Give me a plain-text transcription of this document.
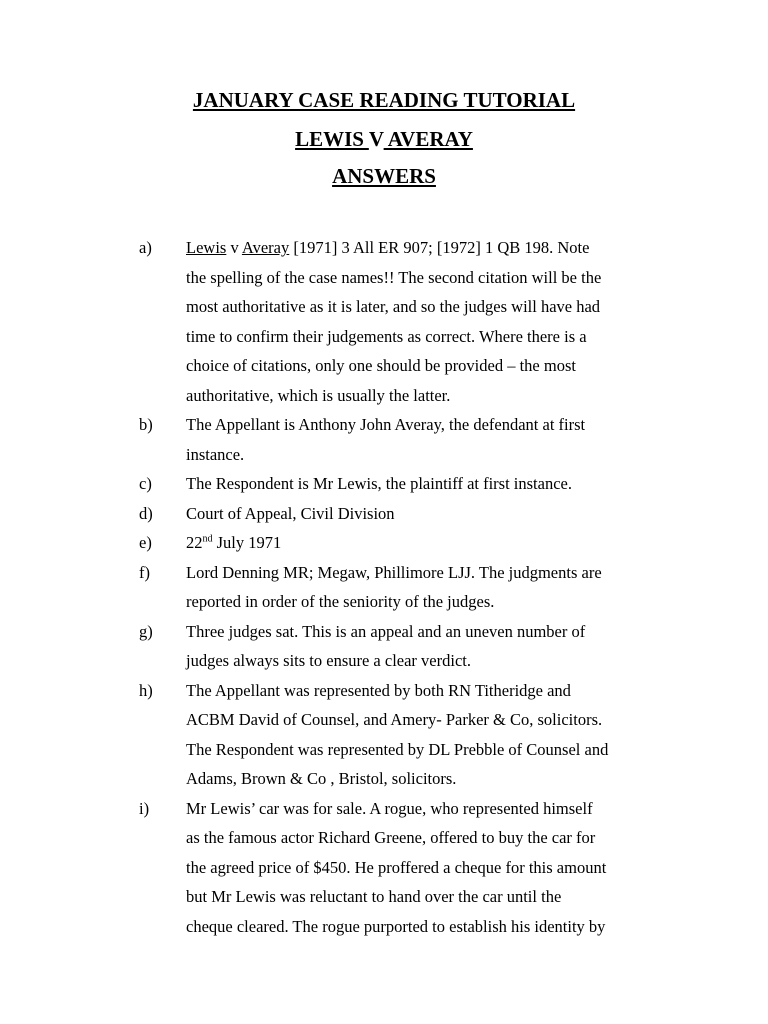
JANUARY CASE READING TUTORIAL
LEWIS V AVERAY
ANSWERS
a) Lewis v Averay [1971] 3 All ER 907; [1972] 1 QB 198. Note
the spelling of the case names!! The second citation will be the
most authoritative as it is later, and so the judges will have had
time to confirm their judgements as correct. Where there is a
choice of citations, only one should be provided – the most
authoritative, which is usually the latter.
b) The Appellant is Anthony John Averay, the defendant at first
instance.
c) The Respondent is Mr Lewis, the plaintiff at first instance.
d) Court of Appeal, Civil Division
e) 22nd July 1971
f) Lord Denning MR; Megaw, Phillimore LJJ. The judgments are
reported in order of the seniority of the judges.
g) Three judges sat. This is an appeal and an uneven number of
judges always sits to ensure a clear verdict.
h) The Appellant was represented by both RN Titheridge and
ACBM David of Counsel, and Amery- Parker & Co, solicitors.
The Respondent was represented by DL Prebble of Counsel and
Adams, Brown & Co , Bristol, solicitors.
i) Mr Lewis’ car was for sale. A rogue, who represented himself
as the famous actor Richard Greene, offered to buy the car for
the agreed price of $450. He proffered a cheque for this amount
but Mr Lewis was reluctant to hand over the car until the
cheque cleared. The rogue purported to establish his identity by
